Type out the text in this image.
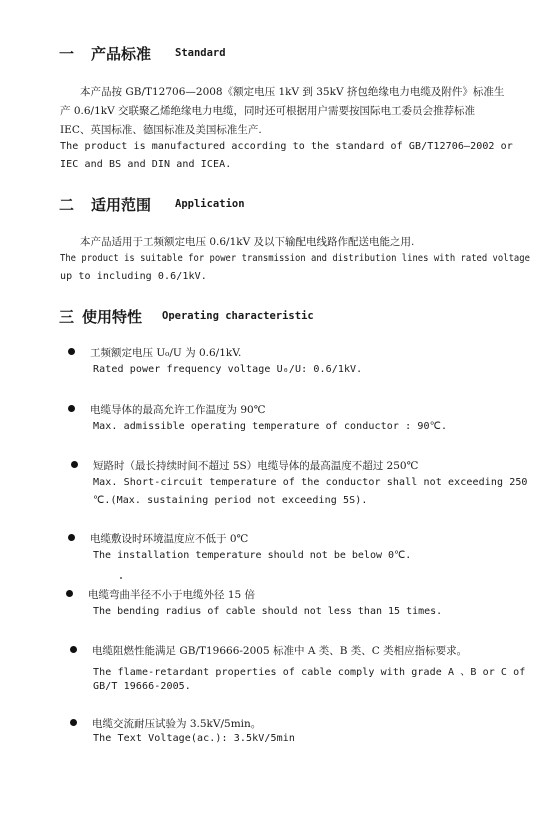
一 产品标准 Standard
本产品按 GB/T12706—2008《额定电压 1kV 到 35kV 挤包绝缘电力电缆及附件》标准生
产 0.6/1kV 交联聚乙烯绝缘电力电缆，同时还可根据用户需要按国际电工委员会推荐标准
IEC、英国标准、德国标准及美国标准生产.
The product is manufactured according to the standard of GB/T12706—2002 or
IEC and BS and DIN and ICEA.
二 适用范围 Application
本产品适用于工频额定电压 0.6/1kV 及以下输配电线路作配送电能之用.
The product is suitable for power transmission and distribution lines with rated voltage
up to including 0.6/1kV.
三 使用特性 Operating characteristic
工频额定电压 U₀/U 为 0.6/1kV.
Rated power frequency voltage U₀/U: 0.6/1kV.
电缆导体的最高允许工作温度为 90℃
Max. admissible operating temperature of conductor : 90℃.
短路时（最长持续时间不超过 5S）电缆导体的最高温度不超过 250℃
Max. Short-circuit temperature of the conductor shall not exceeding 250
℃.(Max. sustaining period not exceeding 5S).
电缆敷设时环境温度应不低于 0℃
The installation temperature should not be below 0℃.
电缆弯曲半径不小于电缆外径 15 倍
The bending radius of cable should not less than 15 times.
电缆阻燃性能满足 GB/T19666-2005 标准中 A 类、B 类、C 类相应指标要求。
The flame-retardant properties of cable comply with grade A 、B or C of
GB/T 19666-2005.
电缆交流耐压试验为 3.5kV/5min。
The Text Voltage(ac.): 3.5kV/5min
